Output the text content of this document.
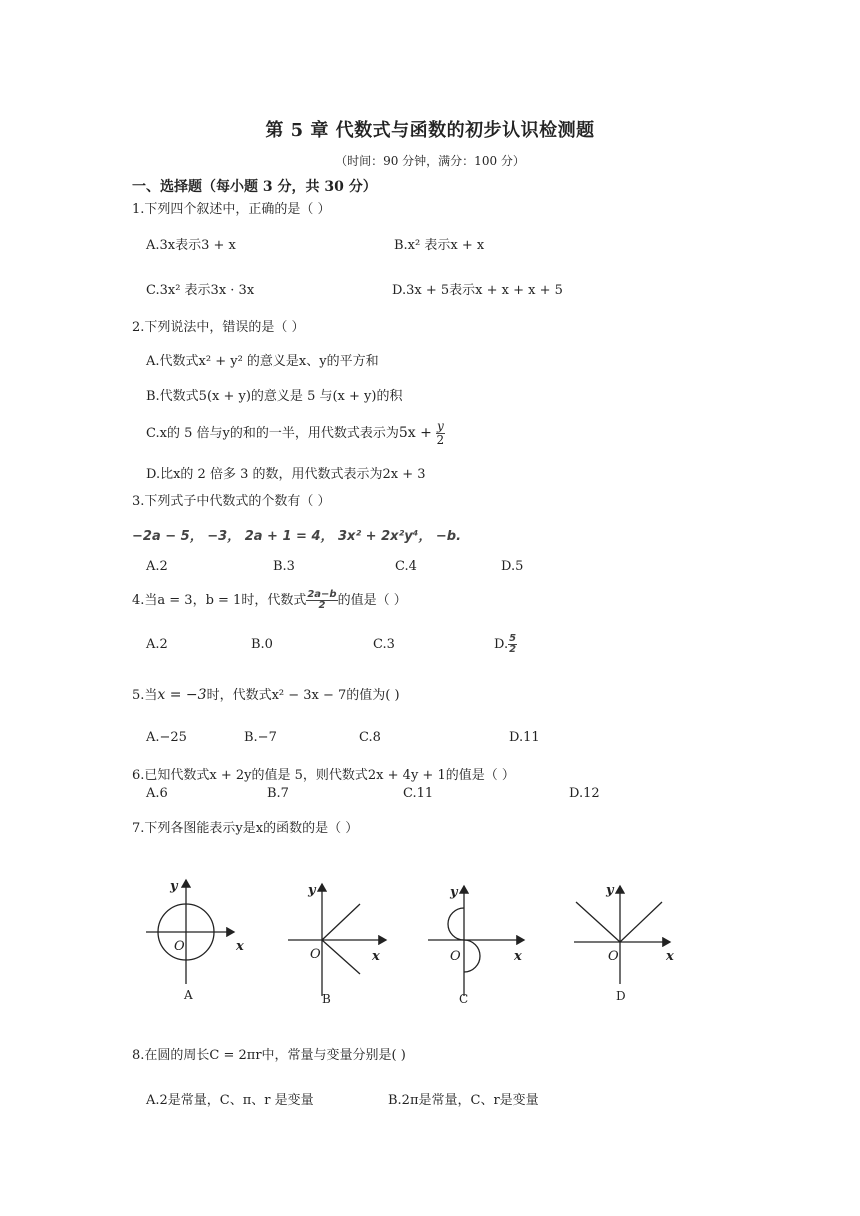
第 5 章 代数式与函数的初步认识检测题
（时间：90 分钟，满分：100 分）
一、选择题（每小题 3 分，共 30 分）
1.下列四个叙述中，正确的是（ ）
A.3x表示3 + x	B.x² 表示x + x
C.3x² 表示3x · 3x	D.3x + 5表示x + x + x + 5
2.下列说法中，错误的是（ ）
A.代数式x² + y² 的意义是x、y的平方和
B.代数式5(x + y)的意义是 5 与(x + y)的积
C.x的 5 倍与y的和的一半，用代数式表示为$5x + \frac{y}{2}$
D.比x的 2 倍多 3 的数，用代数式表示为2x + 3
3.下列式子中代数式的个数有（ ）
−2a − 5， −3， 2a + 1 = 4， 3x² + 2x²y⁴， −b.
A.2	B.3	C.4	D.5
4.当a = 3，b = 1时，代数式 $\frac{2a-b}{2}$ 的值是（ ）
A.2	B.0	C.3	D. $\frac{5}{2}$
5.当x = −3时，代数式x² − 3x − 7的值为( )
A.−25	B.−7	C.8	D.11
6.已知代数式x + 2y的值是 5，则代数式2x + 4y + 1的值是（ ）
A.6	B.7	C.11	D.12
7.下列各图能表示y是x的函数的是（ ）
y
x
O
y
x
O
y
x
O
y
x
O
A	B	C	D
8.在圆的周长C = 2πr中，常量与变量分别是( )
A.2是常量，C、π、r 是变量	B.2π是常量，C、r是变量
